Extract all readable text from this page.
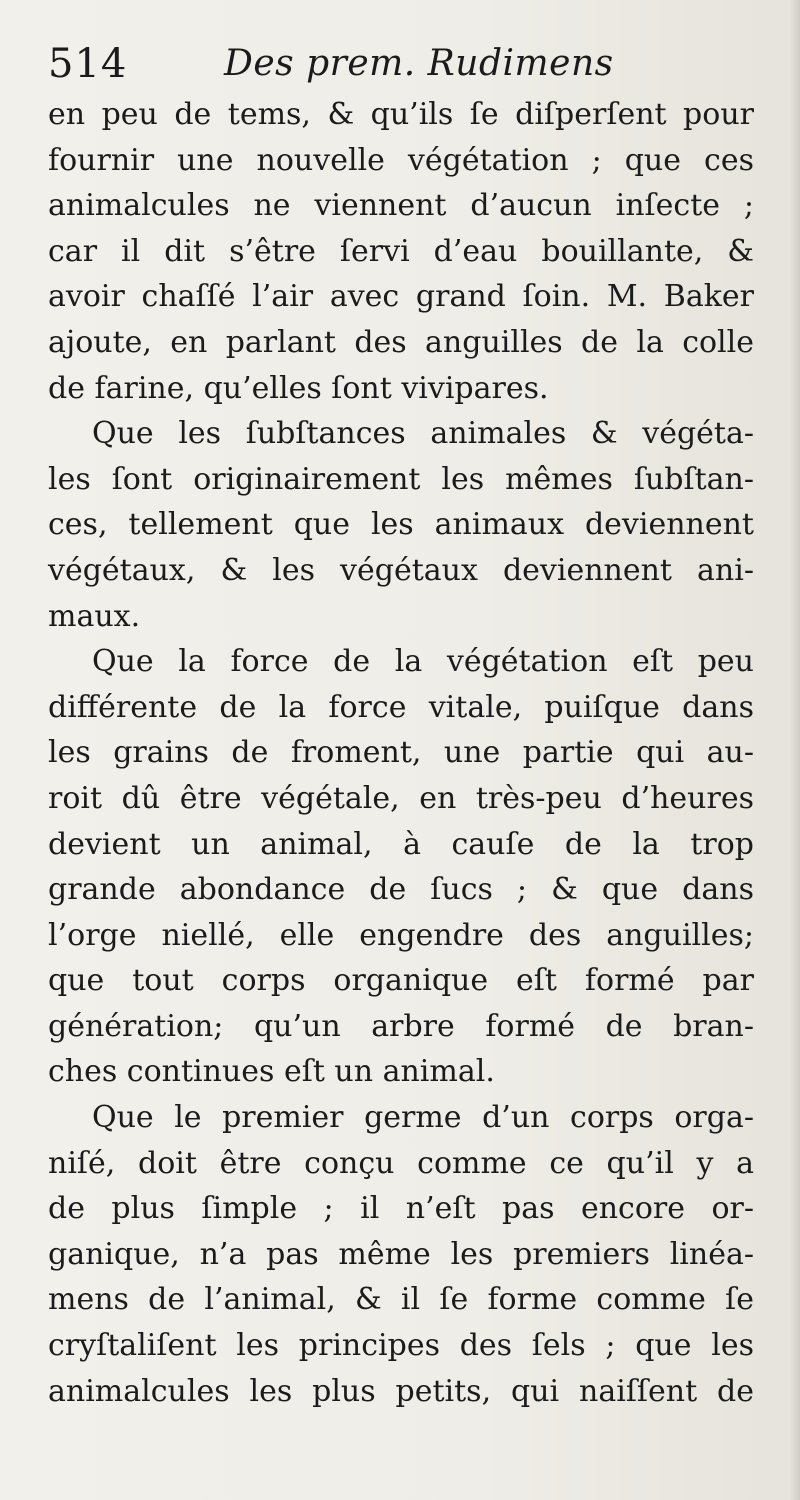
514	Des prem. Rudimens
en peu de tems, & qu’ils ſe diſperſent pour
fournir une nouvelle végétation ; que ces
animalcules ne viennent d’aucun inſecte ;
car il dit s’être ſervi d’eau bouillante, &
avoir chaſſé l’air avec grand ſoin. M. Baker
ajoute, en parlant des anguilles de la colle
de farine, qu’elles ſont vivipares.
Que les ſubſtances animales & végéta-
les ſont originairement les mêmes ſubſtan-
ces, tellement que les animaux deviennent
végétaux, & les végétaux deviennent ani-
maux.
Que la force de la végétation eſt peu
différente de la force vitale, puiſque dans
les grains de froment, une partie qui au-
roit dû être végétale, en très-peu d’heures
devient un animal, à cauſe de la trop
grande abondance de ſucs ; & que dans
l’orge niellé, elle engendre des anguilles;
que tout corps organique eſt formé par
génération; qu’un arbre formé de bran-
ches continues eſt un animal.
Que le premier germe d’un corps orga-
niſé, doit être conçu comme ce qu’il y a
de plus ſimple ; il n’eſt pas encore or-
ganique, n’a pas même les premiers linéa-
mens de l’animal, & il ſe forme comme ſe
cryſtaliſent les principes des ſels ; que les
animalcules les plus petits, qui naiſſent de
